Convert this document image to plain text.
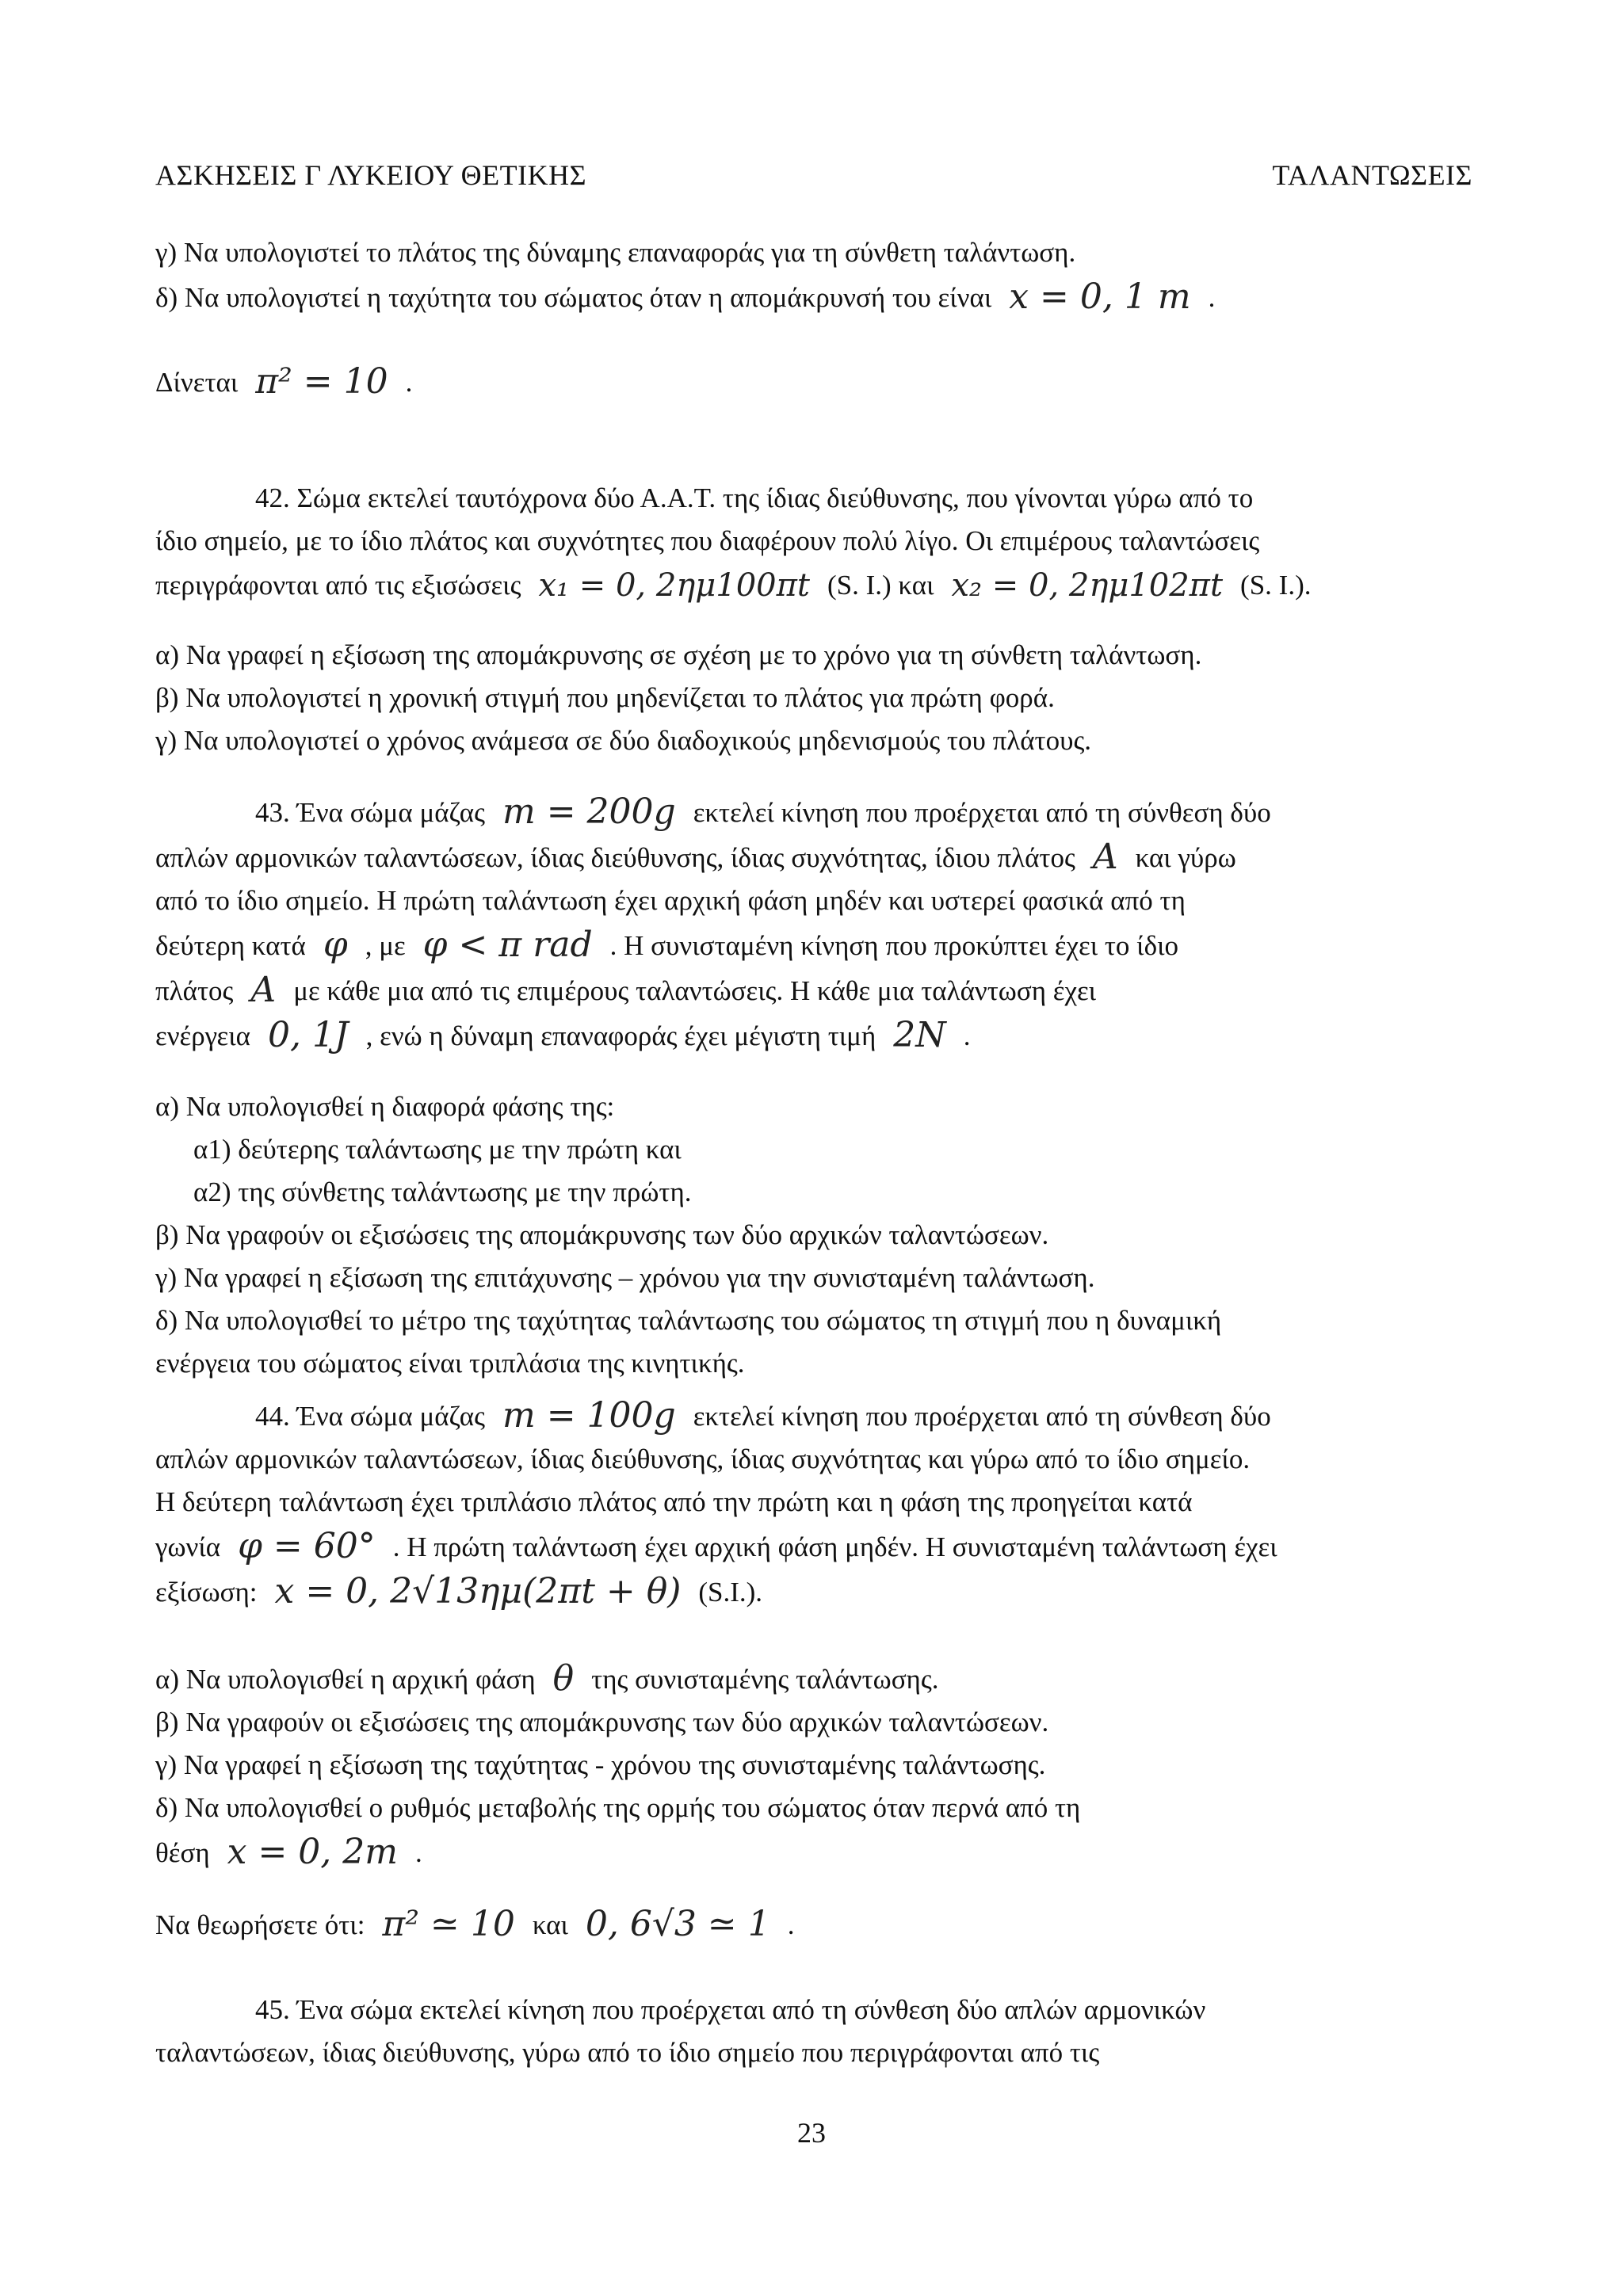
ΑΣΚΗΣΕΙΣ Γ ΛΥΚΕΙΟΥ ΘΕΤΙΚΗΣ	ΤΑΛΑΝΤΩΣΕΙΣ
γ) Να υπολογιστεί το πλάτος της δύναμης επαναφοράς για τη σύνθετη ταλάντωση.
δ) Να υπολογιστεί η ταχύτητα του σώματος όταν η απομάκρυνσή του είναι x = 0, 1 m .
Δίνεται π² = 10 .
42. Σώμα εκτελεί ταυτόχρονα δύο Α.Α.Τ. της ίδιας διεύθυνσης, που γίνονται γύρω από το
ίδιο σημείο, με το ίδιο πλάτος και συχνότητες που διαφέρουν πολύ λίγο. Οι επιμέρους ταλαντώσεις
περιγράφονται από τις εξισώσεις x₁ = 0, 2ημ100πt (S. I.) και x₂ = 0, 2ημ102πt (S. I.).
α) Να γραφεί η εξίσωση της απομάκρυνσης σε σχέση με το χρόνο για τη σύνθετη ταλάντωση.
β) Να υπολογιστεί η χρονική στιγμή που μηδενίζεται το πλάτος για πρώτη φορά.
γ) Να υπολογιστεί ο χρόνος ανάμεσα σε δύο διαδοχικούς μηδενισμούς του πλάτους.
43. Ένα σώμα μάζας m = 200g εκτελεί κίνηση που προέρχεται από τη σύνθεση δύο
απλών αρμονικών ταλαντώσεων, ίδιας διεύθυνσης, ίδιας συχνότητας, ίδιου πλάτος A και γύρω
από το ίδιο σημείο. Η πρώτη ταλάντωση έχει αρχική φάση μηδέν και υστερεί φασικά από τη
δεύτερη κατά φ , με φ < π rad . Η συνισταμένη κίνηση που προκύπτει έχει το ίδιο
πλάτος A με κάθε μια από τις επιμέρους ταλαντώσεις. Η κάθε μια ταλάντωση έχει
ενέργεια 0, 1J , ενώ η δύναμη επαναφοράς έχει μέγιστη τιμή 2N .
α) Να υπολογισθεί η διαφορά φάσης της:
α1) δεύτερης ταλάντωσης με την πρώτη και
α2) της σύνθετης ταλάντωσης με την πρώτη.
β) Να γραφούν οι εξισώσεις της απομάκρυνσης των δύο αρχικών ταλαντώσεων.
γ) Να γραφεί η εξίσωση της επιτάχυνσης – χρόνου για την συνισταμένη ταλάντωση.
δ) Να υπολογισθεί το μέτρο της ταχύτητας ταλάντωσης του σώματος τη στιγμή που η δυναμική
ενέργεια του σώματος είναι τριπλάσια της κινητικής.
44. Ένα σώμα μάζας m = 100g εκτελεί κίνηση που προέρχεται από τη σύνθεση δύο
απλών αρμονικών ταλαντώσεων, ίδιας διεύθυνσης, ίδιας συχνότητας και γύρω από το ίδιο σημείο.
Η δεύτερη ταλάντωση έχει τριπλάσιο πλάτος από την πρώτη και η φάση της προηγείται κατά
γωνία φ = 60° . Η πρώτη ταλάντωση έχει αρχική φάση μηδέν. Η συνισταμένη ταλάντωση έχει
εξίσωση: x = 0, 2√13ημ(2πt + θ) (S.I.).
α) Να υπολογισθεί η αρχική φάση θ της συνισταμένης ταλάντωσης.
β) Να γραφούν οι εξισώσεις της απομάκρυνσης των δύο αρχικών ταλαντώσεων.
γ) Να γραφεί η εξίσωση της ταχύτητας - χρόνου της συνισταμένης ταλάντωσης.
δ) Να υπολογισθεί ο ρυθμός μεταβολής της ορμής του σώματος όταν περνά από τη
θέση x = 0, 2m .
Να θεωρήσετε ότι: π² ≃ 10 και 0, 6√3 ≃ 1 .
45. Ένα σώμα εκτελεί κίνηση που προέρχεται από τη σύνθεση δύο απλών αρμονικών
ταλαντώσεων, ίδιας διεύθυνσης, γύρω από το ίδιο σημείο που περιγράφονται από τις
23
